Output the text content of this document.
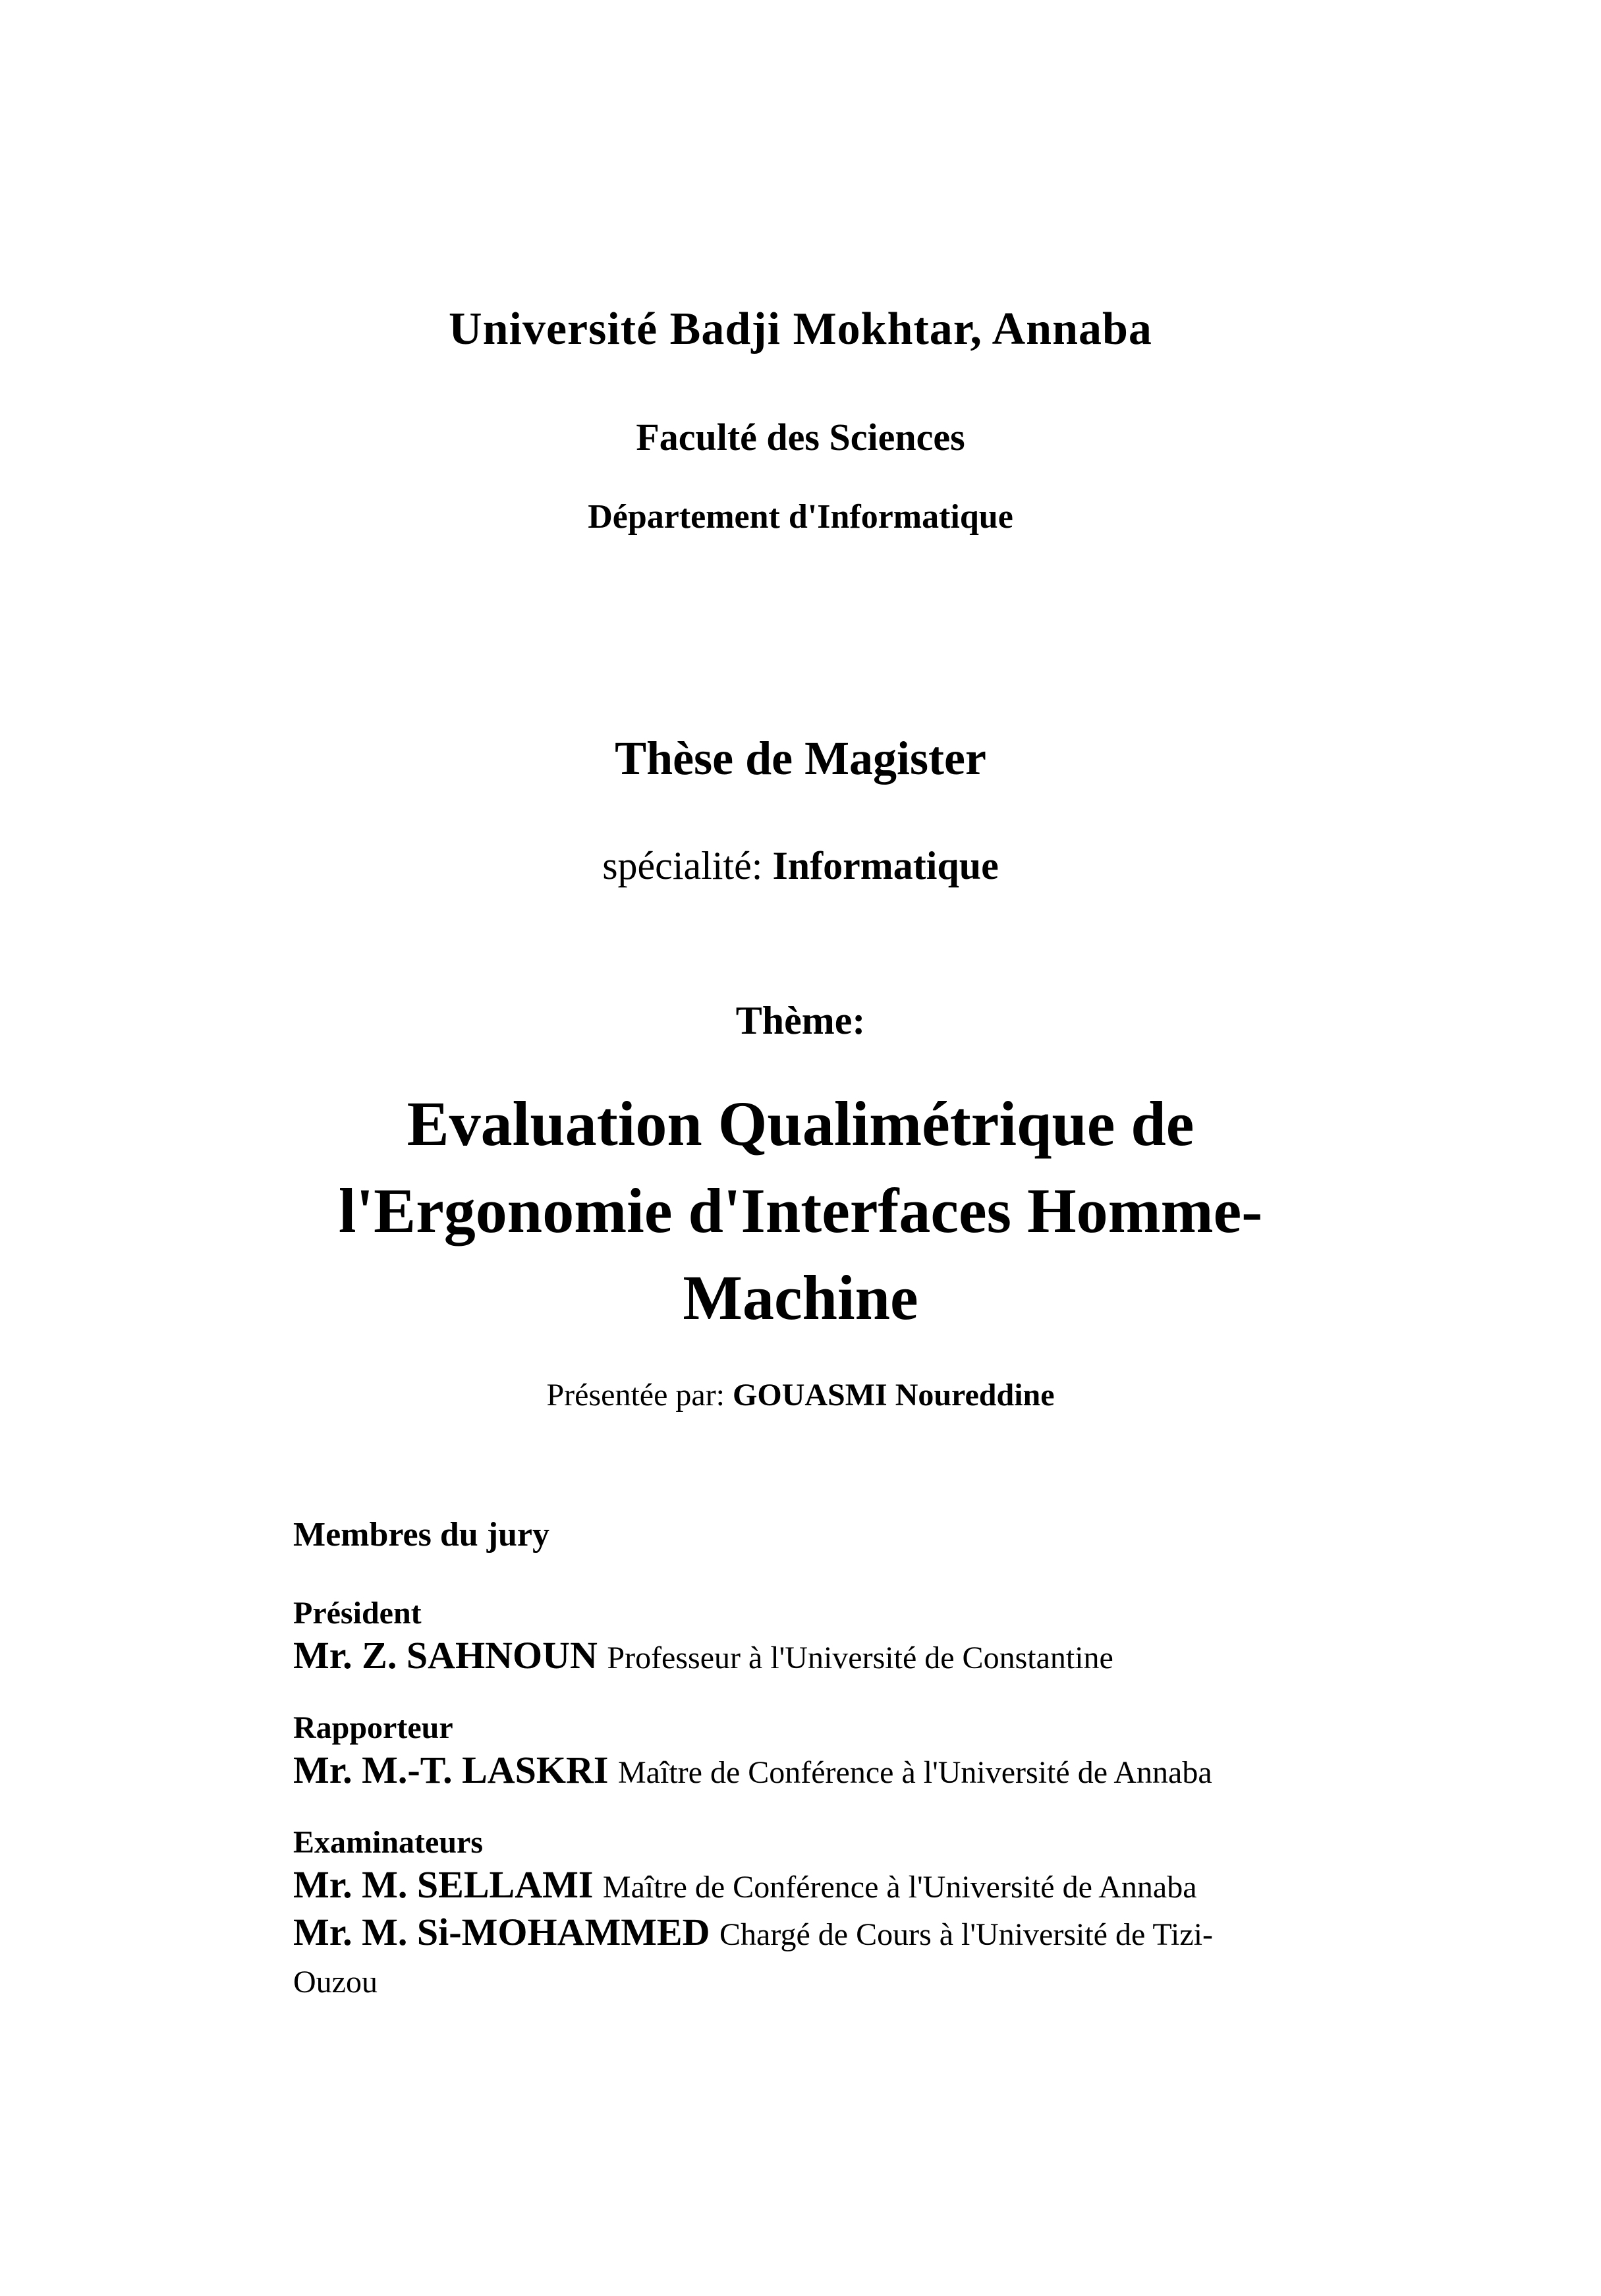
Université Badji Mokhtar, Annaba
Faculté des Sciences
Département d'Informatique
Thèse de Magister
spécialité: Informatique
Thème:
Evaluation Qualimétrique de
l'Ergonomie d'Interfaces Homme-
Machine
Présentée par: GOUASMI Noureddine
Membres du jury
Président
Mr. Z. SAHNOUN Professeur à l'Université de Constantine
Rapporteur
Mr. M.-T. LASKRI Maître de Conférence à l'Université de Annaba
Examinateurs
Mr. M. SELLAMI Maître de Conférence à l'Université de Annaba
Mr. M. Si-MOHAMMED Chargé de Cours à l'Université de Tizi-Ouzou
